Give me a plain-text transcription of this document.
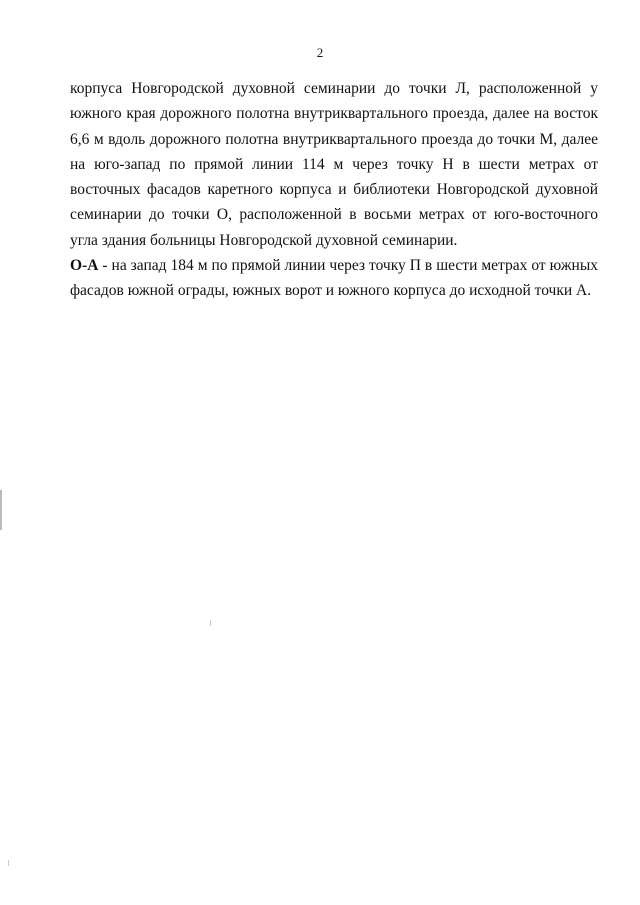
2

корпуса Новгородской духовной семинарии до точки Л, расположенной у южного края дорожного полотна внутриквартального проезда, далее на восток 6,6 м вдоль дорожного полотна внутриквартального проезда до точки М, далее на юго-запад по прямой линии 114 м через точку Н в шести метрах от восточных фасадов каретного корпуса и библиотеки Новгородской духовной семинарии до точки О, расположенной в восьми метрах от юго-восточного угла здания больницы Новгородской духовной семинарии.

О-А - на запад 184 м по прямой линии через точку П в шести метрах от южных фасадов южной ограды, южных ворот и южного корпуса до исходной точки А.
